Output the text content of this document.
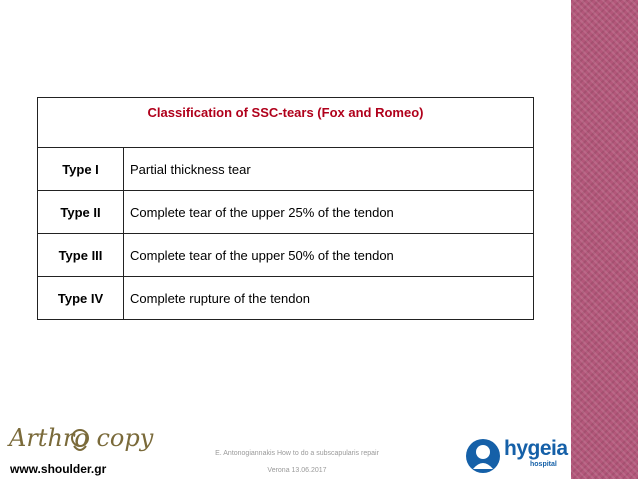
Classification of SSC-tears (Fox and Romeo)	
Type I	Partial thickness tear
Type II	Complete tear of the upper 25% of the tendon
Type III	Complete tear of the upper 50% of the tendon
Type IV	Complete rupture of the tendon
Arthro copy
www.shoulder.gr
E. Antonogiannakis How to do a subscapularis repair
Verona 13.06.2017
hygeia
hospital
